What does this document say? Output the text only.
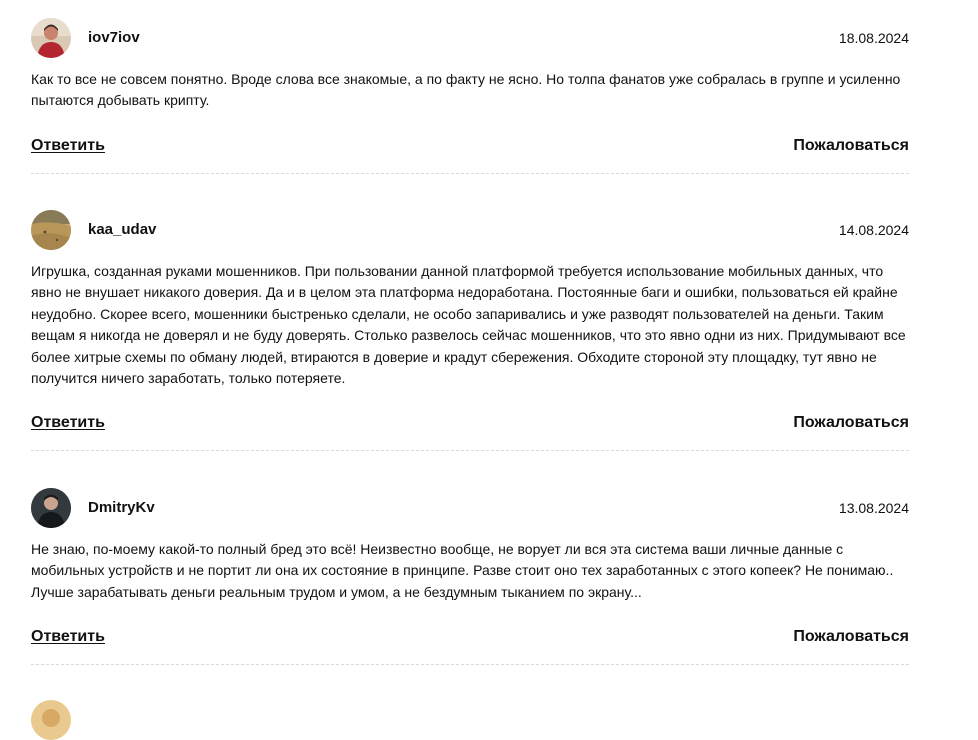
iov7iov	18.08.2024

Как то все не совсем понятно. Вроде слова все знакомые, а по факту не ясно. Но толпа фанатов уже собралась в группе и усиленно пытаются добывать крипту.

Ответить	Пожаловаться
kaa_udav	14.08.2024

Игрушка, созданная руками мошенников. При пользовании данной платформой требуется использование мобильных данных, что явно не внушает никакого доверия. Да и в целом эта платформа недоработана. Постоянные баги и ошибки, пользоваться ей крайне неудобно. Скорее всего, мошенники быстренько сделали, не особо запаривались и уже разводят пользователей на деньги. Таким вещам я никогда не доверял и не буду доверять. Столько развелось сейчас мошенников, что это явно одни из них. Придумывают все более хитрые схемы по обману людей, втираются в доверие и крадут сбережения. Обходите стороной эту площадку, тут явно не получится ничего заработать, только потеряете.

Ответить	Пожаловаться
DmitryKv	13.08.2024

Не знаю, по-моему какой-то полный бред это всё! Неизвестно вообще, не ворует ли вся эта система ваши личные данные с мобильных устройств и не портит ли она их состояние в принципе. Разве стоит оно тех заработанных с этого копеек? Не понимаю.. Лучше зарабатывать деньги реальным трудом и умом, а не бездумным тыканием по экрану...

Ответить	Пожаловаться
